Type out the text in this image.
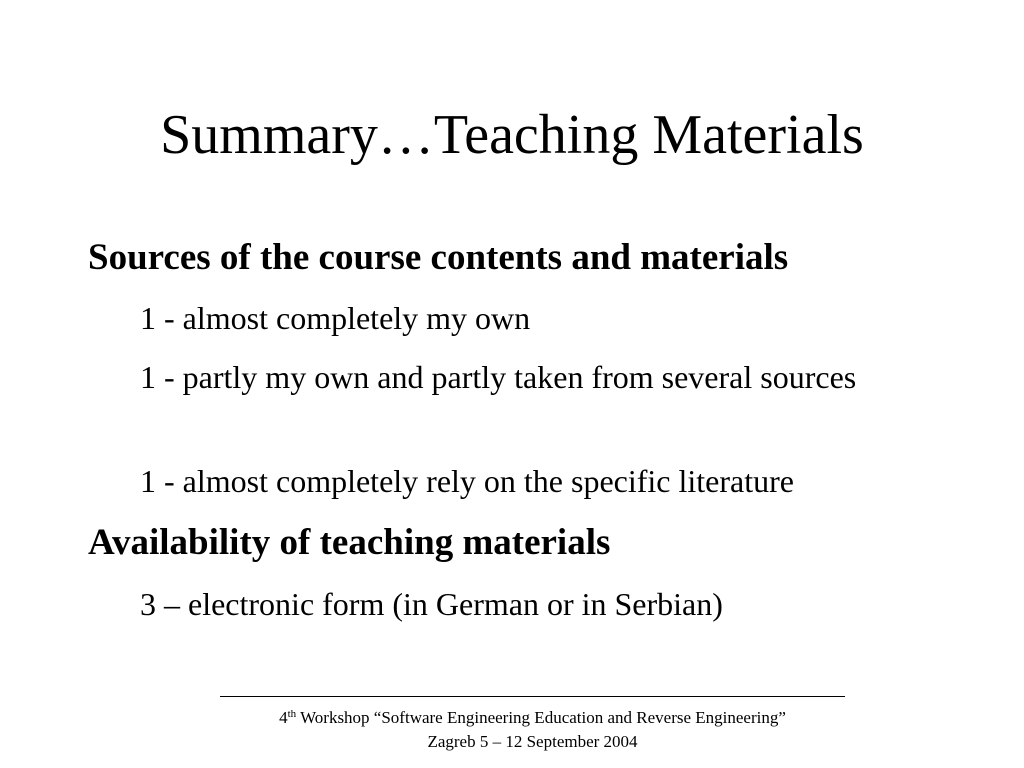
Summary…Teaching Materials
Sources of the course contents and materials
1 - almost completely my own
1 - partly my own and partly taken from several sources
1 - almost completely rely on the specific literature
Availability of teaching materials
3 – electronic form (in German or in Serbian)
4th Workshop “Software Engineering Education and Reverse Engineering”
Zagreb 5 – 12 September 2004
